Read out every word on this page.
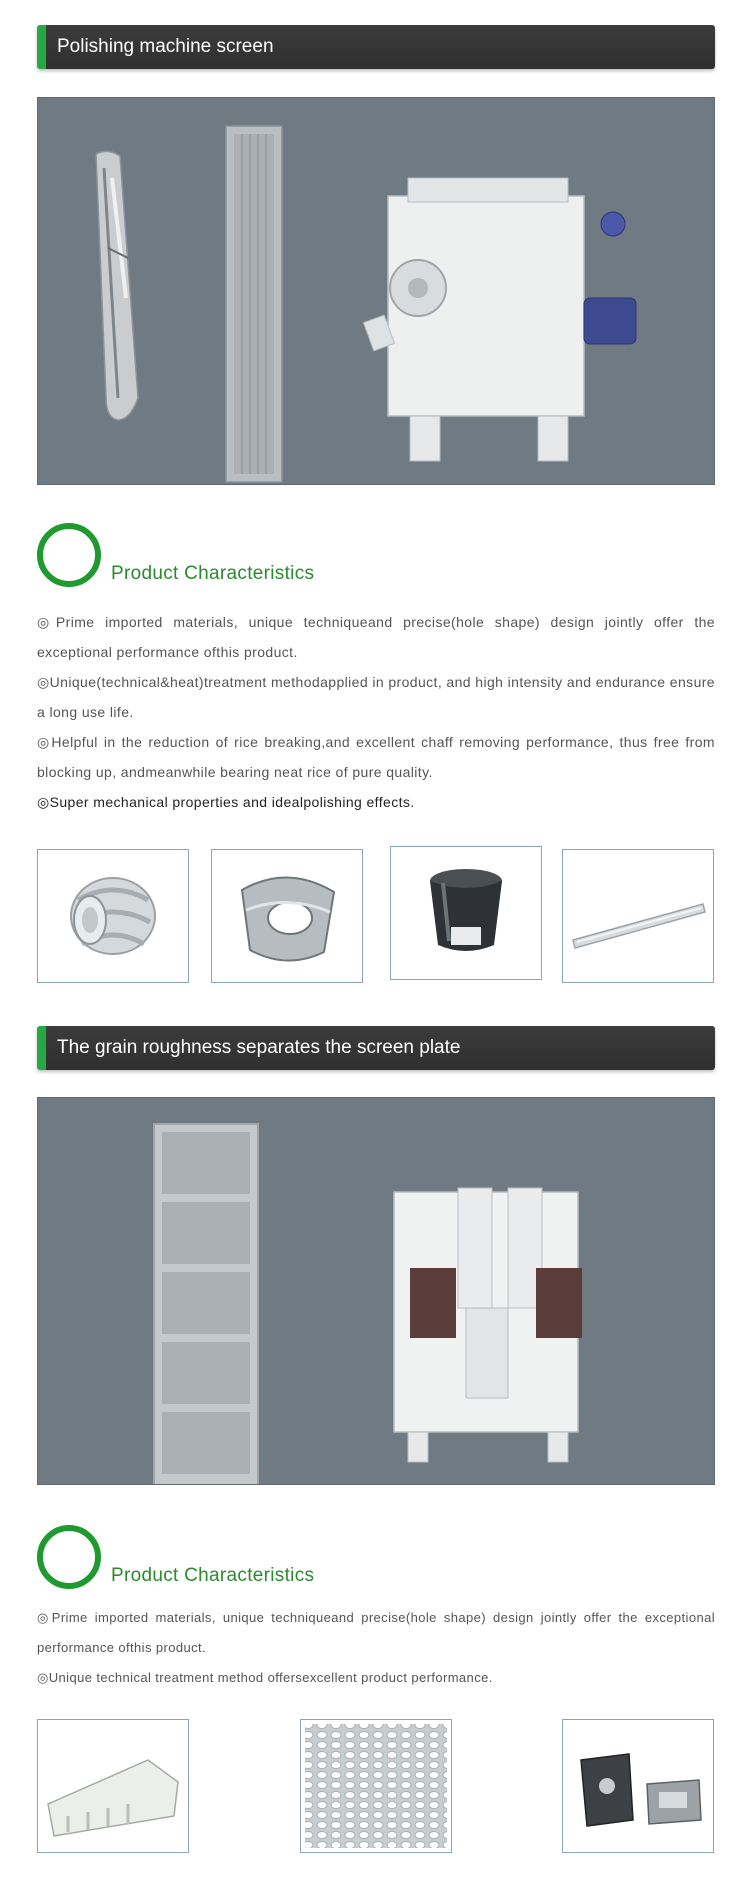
Polishing machine screen
Product Characteristics

◎Prime imported materials, unique techniqueand precise(hole shape) design jointly offer the exceptional performance ofthis product.

◎Unique(technical&heat)treatment methodapplied in product, and high intensity and endurance ensure a long use life.

◎Helpful in the reduction of rice breaking,and excellent chaff removing performance, thus free from blocking up, andmeanwhile bearing neat rice of pure quality.

◎Super mechanical properties and idealpolishing effects.

The grain roughness separates the screen plate
Product Characteristics

◎Prime imported materials, unique techniqueand precise(hole shape) design jointly offer the exceptional performance ofthis product.

◎Unique technical treatment method offersexcellent product performance.
